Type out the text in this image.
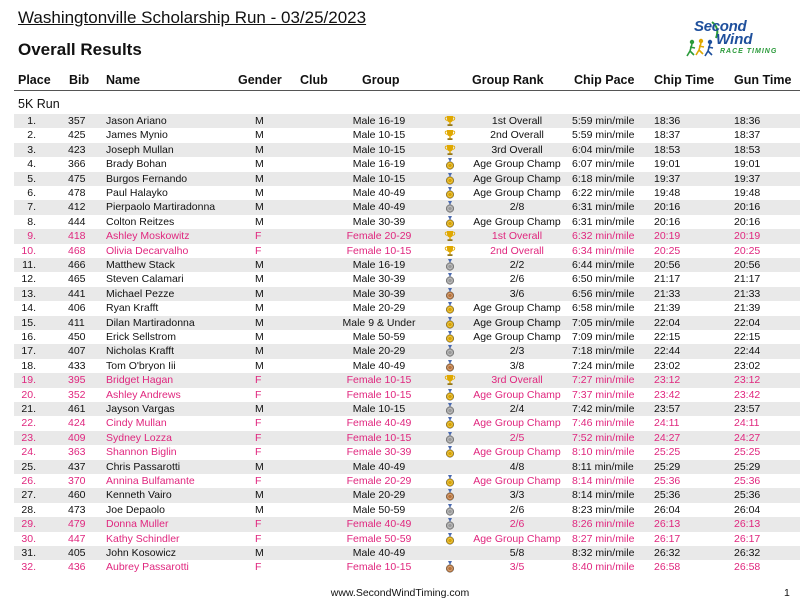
Washingtonville Scholarship Run - 03/25/2023
Overall Results
Second
Wind
RACE TIMING
Place Bib Name	Gender Club	Group	Group Rank Chip Pace Chip Time Gun Time
5K Run
1.	357 Jason Ariano	M	Male 16-19	1st Overall	5:59 min/mile 18:36	18:36
2.	425 James Mynio	M	Male 10-15	2nd Overall	5:59 min/mile 18:37	18:37
3.	423 Joseph Mullan	M	Male 10-15	3rd Overall	6:04 min/mile 18:53	18:53
4.	366 Brady Bohan	M	Male 16-19	Age Group Champ	6:07 min/mile 19:01	19:01
5.	475 Burgos Fernando	M	Male 10-15	Age Group Champ	6:18 min/mile 19:37	19:37
6.	478 Paul Halayko	M	Male 40-49	Age Group Champ	6:22 min/mile 19:48	19:48
7.	412 Pierpaolo Martiradonna	M	Male 40-49	2/8	6:31 min/mile 20:16	20:16
8.	444 Colton Reitzes	M	Male 30-39	Age Group Champ	6:31 min/mile 20:16	20:16
9.	418 Ashley Moskowitz	F	Female 20-29	1st Overall	6:32 min/mile 20:19	20:19
10.	468 Olivia Decarvalho	F	Female 10-15	2nd Overall	6:34 min/mile 20:25	20:25
11.	466 Matthew Stack	M	Male 16-19	2/2	6:44 min/mile 20:56	20:56
12.	465 Steven Calamari	M	Male 30-39	2/6	6:50 min/mile 21:17	21:17
13.	441 Michael Pezze	M	Male 30-39	3/6	6:56 min/mile 21:33	21:33
14.	406 Ryan Krafft	M	Male 20-29	Age Group Champ	6:58 min/mile 21:39	21:39
15.	411 Dilan Martiradonna	M	Male 9 & Under	Age Group Champ	7:05 min/mile 22:04	22:04
16.	450 Erick Sellstrom	M	Male 50-59	Age Group Champ	7:09 min/mile 22:15	22:15
17.	407 Nicholas Krafft	M	Male 20-29	2/3	7:18 min/mile 22:44	22:44
18.	433 Tom O'bryon Iii	M	Male 40-49	3/8	7:24 min/mile 23:02	23:02
19.	395 Bridget Hagan	F	Female 10-15	3rd Overall	7:27 min/mile 23:12	23:12
20.	352 Ashley Andrews	F	Female 10-15	Age Group Champ	7:37 min/mile 23:42	23:42
21.	461 Jayson Vargas	M	Male 10-15	2/4	7:42 min/mile 23:57	23:57
22.	424 Cindy Mullan	F	Female 40-49	Age Group Champ	7:46 min/mile 24:11	24:11
23.	409 Sydney Lozza	F	Female 10-15	2/5	7:52 min/mile 24:27	24:27
24.	363 Shannon Biglin	F	Female 30-39	Age Group Champ	8:10 min/mile 25:25	25:25
25.	437 Chris Passarotti	M	Male 40-49	4/8	8:11 min/mile 25:29	25:29
26.	370 Annina Bulfamante	F	Female 20-29	Age Group Champ	8:14 min/mile 25:36	25:36
27.	460 Kenneth Vairo	M	Male 20-29	3/3	8:14 min/mile 25:36	25:36
28.	473 Joe Depaolo	M	Male 50-59	2/6	8:23 min/mile 26:04	26:04
29.	479 Donna Muller	F	Female 40-49	2/6	8:26 min/mile 26:13	26:13
30.	447 Kathy Schindler	F	Female 50-59	Age Group Champ	8:27 min/mile 26:17	26:17
31.	405 John Kosowicz	M	Male 40-49	5/8	8:32 min/mile 26:32	26:32
32.	436 Aubrey Passarotti	F	Female 10-15	3/5	8:40 min/mile 26:58	26:58
www.SecondWindTiming.com	1
